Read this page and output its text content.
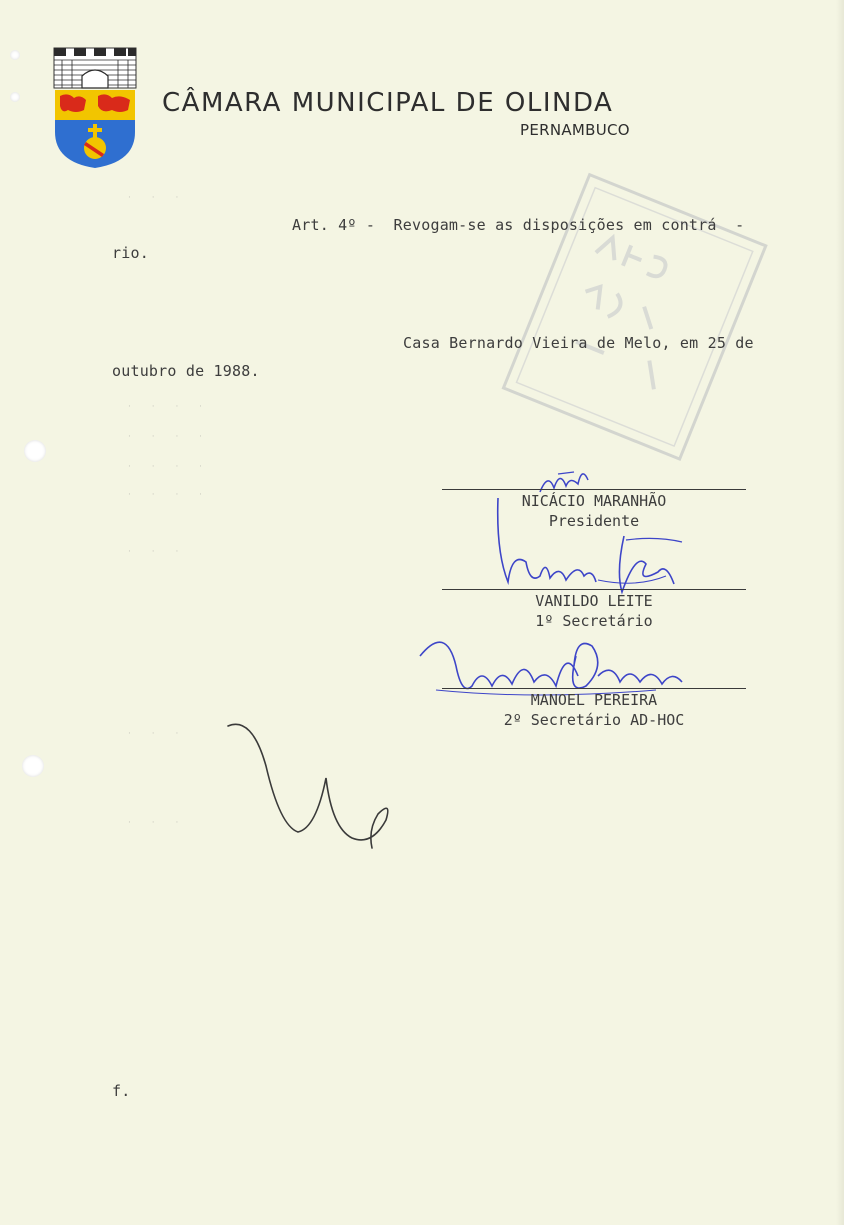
CÂMARA MUNICIPAL DE OLINDA
PERNAMBUCO
Art. 4º -  Revogam-se as disposições em contrá  -
rio.
Casa Bernardo Vieira de Melo, em 25 de
outubro de 1988.
· · ·
· · · ·
· · · ·
· · · ·
· · · ·
· · ·
· · ·
· · ·
NICÁCIO MARANHÃO
Presidente
VANILDO LEITE
1º Secretário
MANOEL PEREIRA
2º Secretário AD-HOC
f.
